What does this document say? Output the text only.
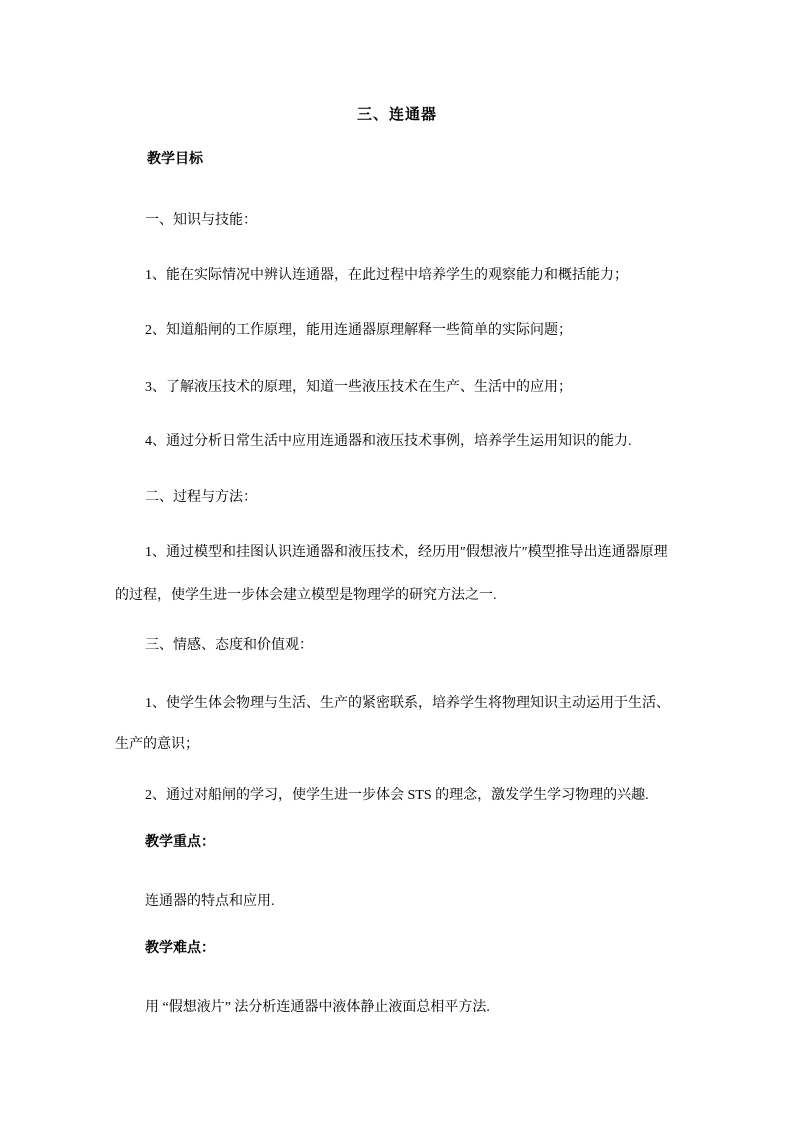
三、连通器
教学目标
一、知识与技能：
1、能在实际情况中辨认连通器，在此过程中培养学生的观察能力和概括能力；
2、知道船闸的工作原理，能用连通器原理解释一些简单的实际问题；
3、了解液压技术的原理，知道一些液压技术在生产、生活中的应用；
4、通过分析日常生活中应用连通器和液压技术事例，培养学生运用知识的能力.
二、过程与方法：
1、通过模型和挂图认识连通器和液压技术，经历用″假想液片″模型推导出连通器原理
的过程，使学生进一步体会建立模型是物理学的研究方法之一.
三、情感、态度和价值观：
1、使学生体会物理与生活、生产的紧密联系，培养学生将物理知识主动运用于生活、
生产的意识；
2、通过对船闸的学习，使学生进一步体会 STS 的理念，激发学生学习物理的兴趣.
教学重点：
连通器的特点和应用.
教学难点：
用 “假想液片” 法分析连通器中液体静止液面总相平方法.
